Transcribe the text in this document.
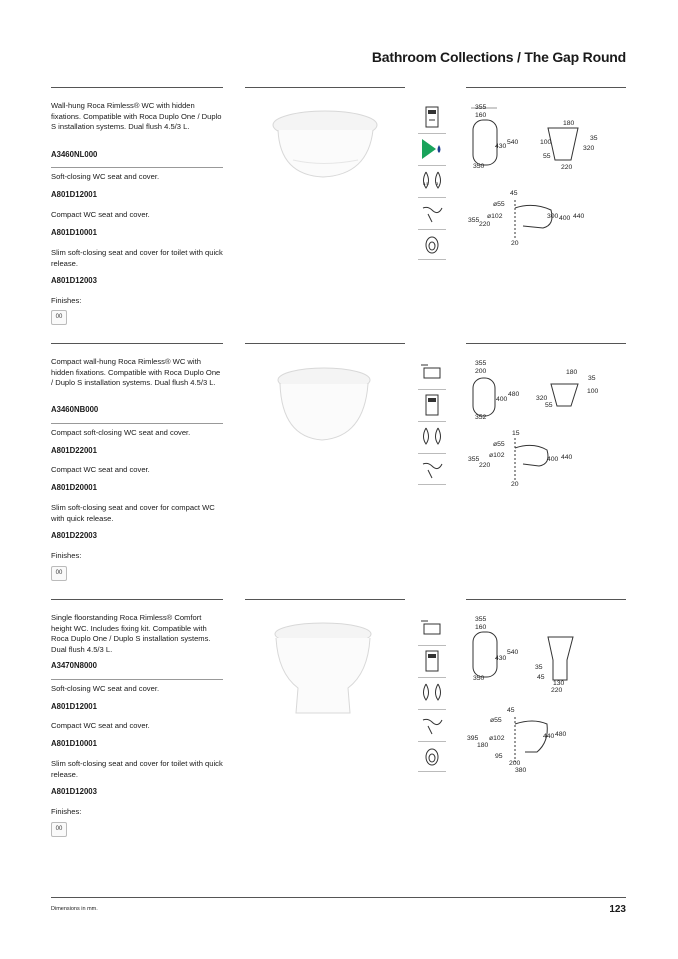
Bathroom Collections / The Gap Round
Wall-hung Roca Rimless® WC with hidden fixations. Compatible with Roca Duplo One / Duplo S installation systems. Dual flush 4.5/3 L.
A3460NL000
Soft-closing WC seat and cover.
A801D12001
Compact WC seat and cover.
A801D10001
Slim soft-closing seat and cover for toilet with quick release.
A801D12003
Finishes:
00
4.5 3
355
160
430
540
350
180
35
100
320
55
220
45
ø55
355
ø102
220
300 400 440
20
Compact wall-hung Roca Rimless® WC with hidden fixations. Compatible with Roca Duplo One / Duplo S installation systems. Dual flush 4.5/3 L.
A3460NB000
Compact soft-closing WC seat and cover.
A801D22001
Compact WC seat and cover.
A801D20001
Slim soft-closing seat and cover for compact WC with quick release.
A801D22003
Finishes:
00
355
200
400
480
352
180
35
100
320
55
15
ø55
355
ø102
220
400 440
20
Single floorstanding Roca Rimless® Comfort height WC. Includes fixing kit. Compatible with Roca Duplo One / Duplo S installation systems. Dual flush 4.5/3 L.
A3470N8000
Soft-closing WC seat and cover.
A801D12001
Compact WC seat and cover.
A801D10001
Slim soft-closing seat and cover for toilet with quick release.
A801D12003
Finishes:
00
355
160
430
540
350
35
45
130
220
45
ø55
395 ø102
180
440 480
95
200
380
Dimensions in mm.	123
